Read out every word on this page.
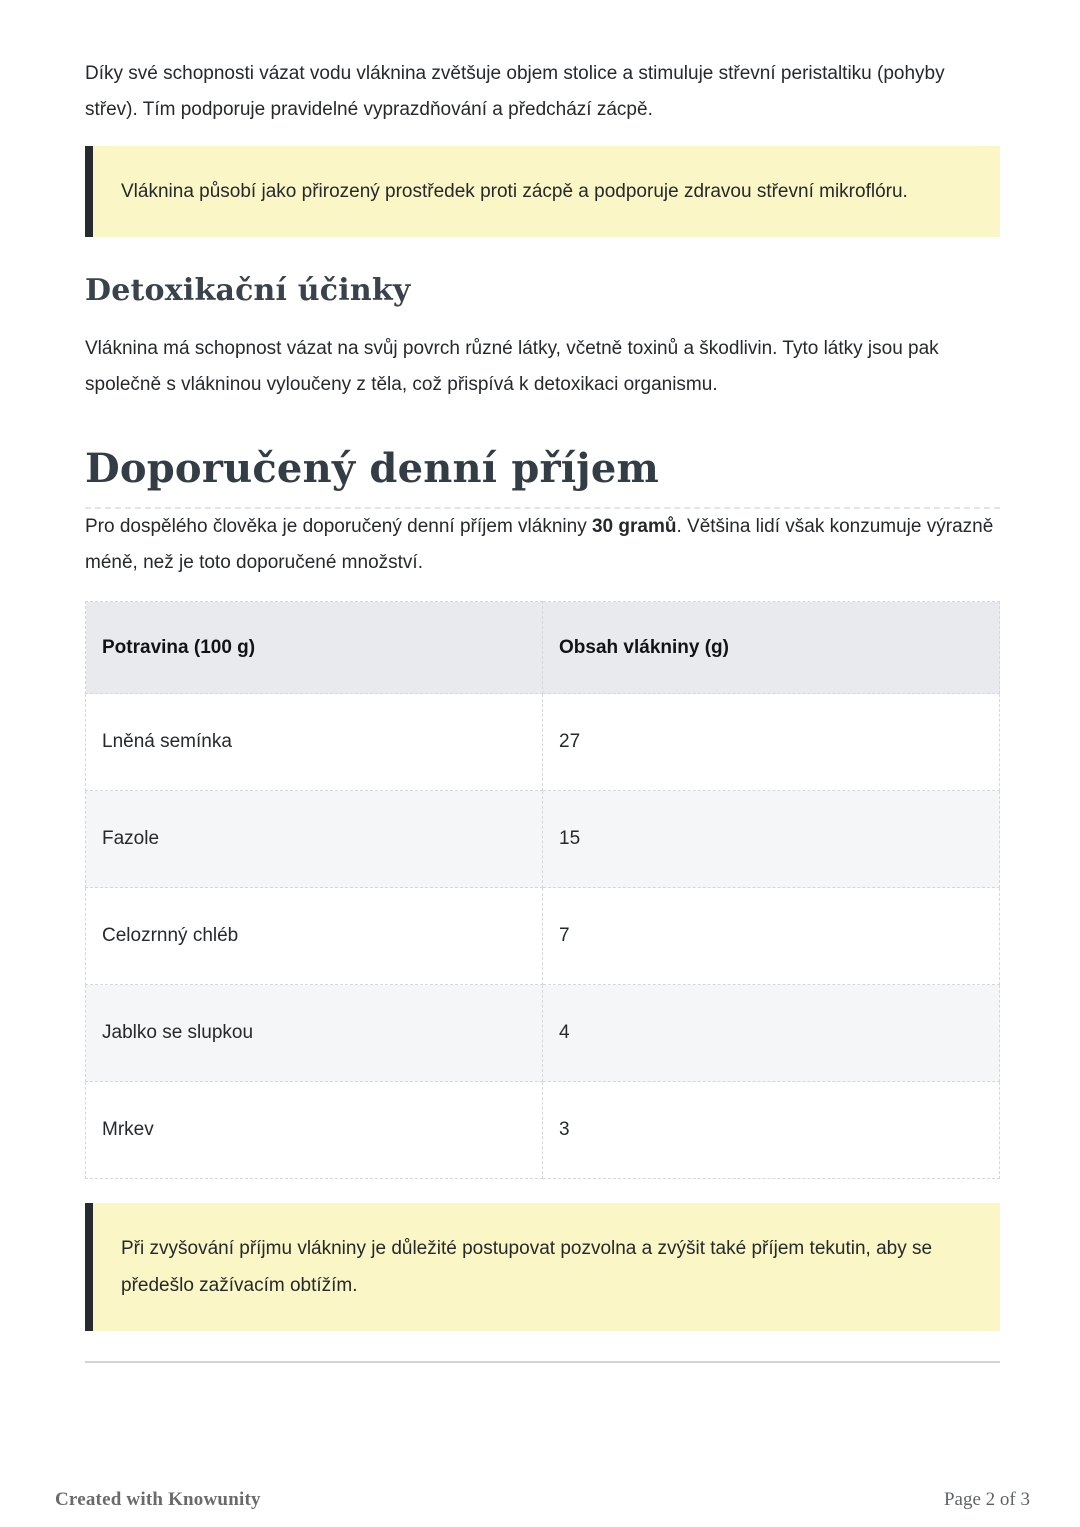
Díky své schopnosti vázat vodu vláknina zvětšuje objem stolice a stimuluje střevní peristaltiku (pohyby střev). Tím podporuje pravidelné vyprazdňování a předchází zácpě.

Vláknina působí jako přirozený prostředek proti zácpě a podporuje zdravou střevní mikroflóru.

Detoxikační účinky

Vláknina má schopnost vázat na svůj povrch různé látky, včetně toxinů a škodlivin. Tyto látky jsou pak společně s vlákninou vyloučeny z těla, což přispívá k detoxikaci organismu.

Doporučený denní příjem

Pro dospělého člověka je doporučený denní příjem vlákniny 30 gramů. Většina lidí však konzumuje výrazně méně, než je toto doporučené množství.

Potravina (100 g)	Obsah vlákniny (g)
Lněná semínka	27
Fazole	15
Celozrnný chléb	7
Jablko se slupkou	4
Mrkev	3

Při zvyšování příjmu vlákniny je důležité postupovat pozvolna a zvýšit také příjem tekutin, aby se předešlo zažívacím obtížím.

Created with Knowunity	Page 2 of 3
